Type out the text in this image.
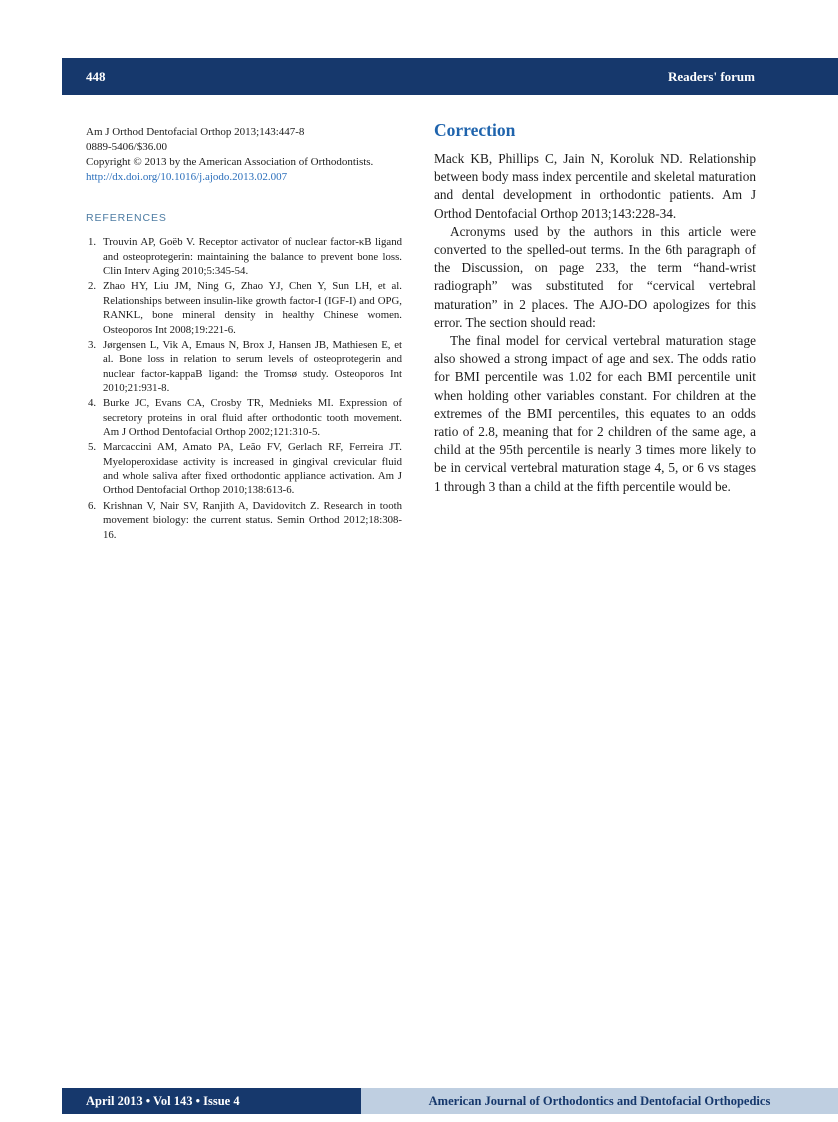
448	Readers' forum
Am J Orthod Dentofacial Orthop 2013;143:447-8
0889-5406/$36.00
Copyright © 2013 by the American Association of Orthodontists.
http://dx.doi.org/10.1016/j.ajodo.2013.02.007
REFERENCES
Trouvin AP, Goëb V. Receptor activator of nuclear factor-κB ligand and osteoprotegerin: maintaining the balance to prevent bone loss. Clin Interv Aging 2010;5:345-54.
Zhao HY, Liu JM, Ning G, Zhao YJ, Chen Y, Sun LH, et al. Relationships between insulin-like growth factor-I (IGF-I) and OPG, RANKL, bone mineral density in healthy Chinese women. Osteoporos Int 2008;19:221-6.
Jørgensen L, Vik A, Emaus N, Brox J, Hansen JB, Mathiesen E, et al. Bone loss in relation to serum levels of osteoprotegerin and nuclear factor-kappaB ligand: the Tromsø study. Osteoporos Int 2010;21:931-8.
Burke JC, Evans CA, Crosby TR, Mednieks MI. Expression of secretory proteins in oral fluid after orthodontic tooth movement. Am J Orthod Dentofacial Orthop 2002;121:310-5.
Marcaccini AM, Amato PA, Leão FV, Gerlach RF, Ferreira JT. Myeloperoxidase activity is increased in gingival crevicular fluid and whole saliva after fixed orthodontic appliance activation. Am J Orthod Dentofacial Orthop 2010;138:613-6.
Krishnan V, Nair SV, Ranjith A, Davidovitch Z. Research in tooth movement biology: the current status. Semin Orthod 2012;18:308-16.
Correction

Mack KB, Phillips C, Jain N, Koroluk ND. Relationship between body mass index percentile and skeletal maturation and dental development in orthodontic patients. Am J Orthod Dentofacial Orthop 2013;143:228-34.

Acronyms used by the authors in this article were converted to the spelled-out terms. In the 6th paragraph of the Discussion, on page 233, the term “hand-wrist radiograph” was substituted for “cervical vertebral maturation” in 2 places. The AJO-DO apologizes for this error. The section should read:

The final model for cervical vertebral maturation stage also showed a strong impact of age and sex. The odds ratio for BMI percentile was 1.02 for each BMI percentile unit when holding other variables constant. For children at the extremes of the BMI percentiles, this equates to an odds ratio of 2.8, meaning that for 2 children of the same age, a child at the 95th percentile is nearly 3 times more likely to be in cervical vertebral maturation stage 4, 5, or 6 vs stages 1 through 3 than a child at the fifth percentile would be.

April 2013 • Vol 143 • Issue 4	American Journal of Orthodontics and Dentofacial Orthopedics
